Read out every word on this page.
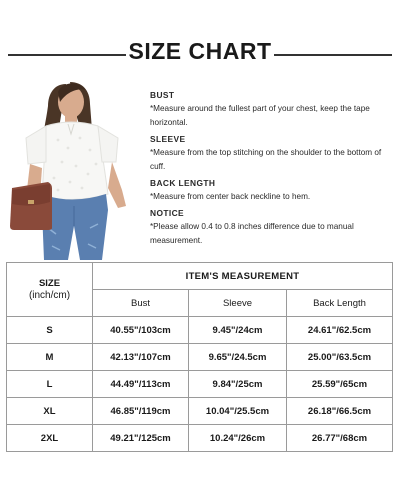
SIZE CHART
BUST
*Measure around the fullest part of your chest, keep the tape horizontal.
SLEEVE
*Measure from the top stitching on the shoulder to the bottom of cuff.
BACK LENGTH
*Measure from center back neckline to hem.
NOTICE
*Please allow 0.4 to 0.8 inches difference due to manual measurement.
SIZE
(inch/cm)	ITEM'S MEASUREMENT		
	Bust	Sleeve	Back Length
S	40.55"/103cm	9.45"/24cm	24.61"/62.5cm
M	42.13"/107cm	9.65"/24.5cm	25.00"/63.5cm
L	44.49"/113cm	9.84"/25cm	25.59"/65cm
XL	46.85"/119cm	10.04"/25.5cm	26.18"/66.5cm
2XL	49.21"/125cm	10.24"/26cm	26.77"/68cm
